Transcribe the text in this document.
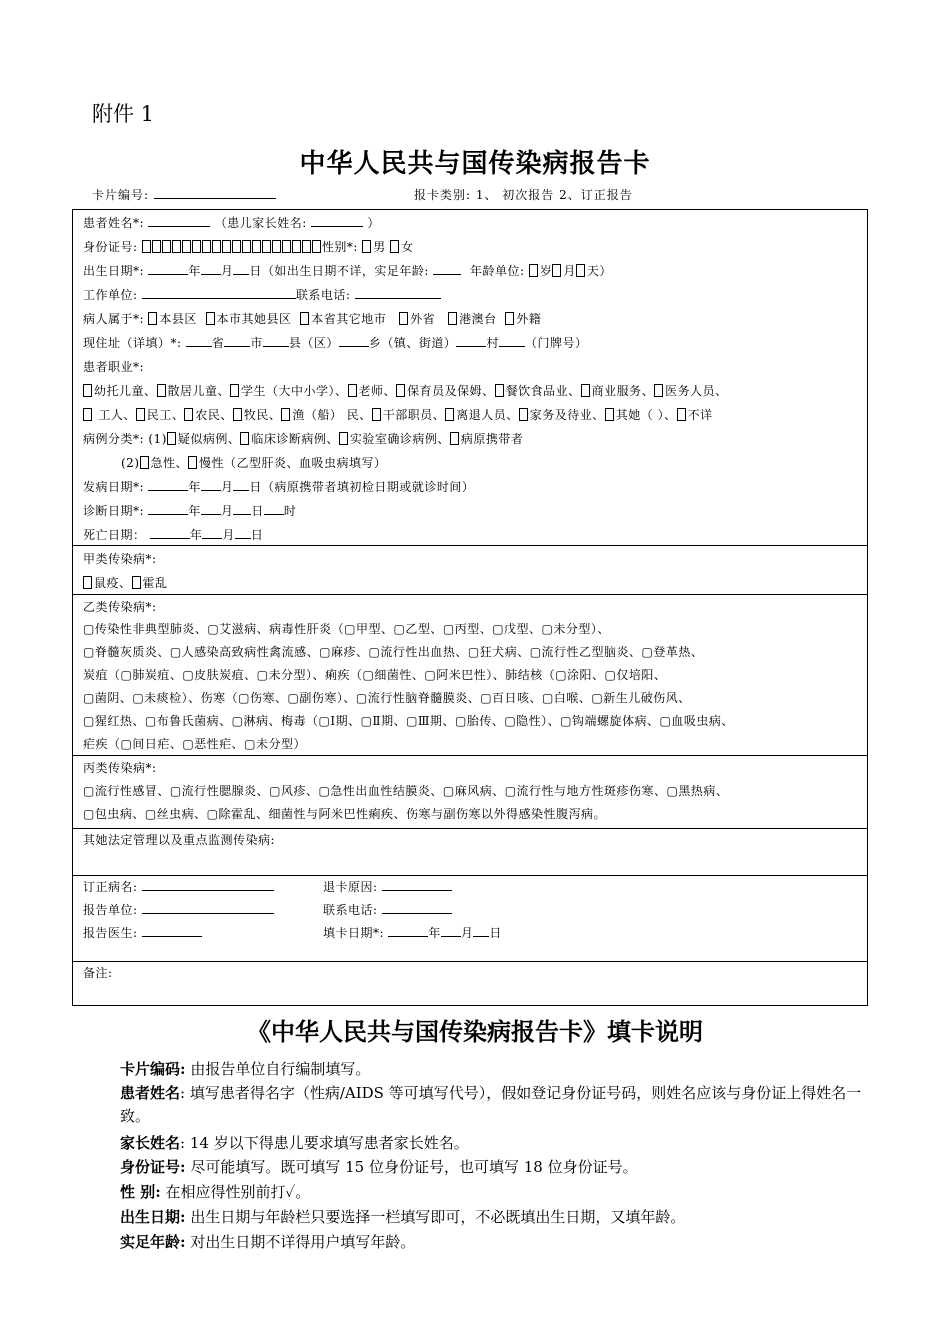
附件 1
中华人民共与国传染病报告卡
卡片编号:	报卡类别: 1、 初次报告 2、订正报告
患者姓名*:	（患儿家长姓名:	）
身份证号:	性别*: 男 女
出生日期*:	年 月 日（如出生日期不详，实足年龄:	年龄单位: 岁 月 天）
工作单位:	联系电话:
病人属于*: 本县区 本市其她县区 本省其它地市 外省 港澳台 外籍
现住址（详填）*:	省 市 县（区）	乡（镇、街道）	村 （门牌号）
患者职业*:
幼托儿童、 散居儿童、 学生（大中小学）、 老师、 保育员及保姆、 餐饮食品业、 商业服务、 医务人员、
工人、 民工、 农民、 牧民、 渔（船） 民、 干部职员、 离退人员、 家务及待业、 其她（ ）、 不详
病例分类*: (1) 疑似病例、 临床诊断病例、 实验室确诊病例、 病原携带者
(2) 急性、 慢性（乙型肝炎、血吸虫病填写）
发病日期*:	年 月 日（病原携带者填初检日期或就诊时间）
诊断日期*:	年 月 日 时
死亡日期：	年 月 日
甲类传染病*:
鼠疫、 霍乱
乙类传染病*:
▢传染性非典型肺炎、▢艾滋病、病毒性肝炎（▢甲型、▢乙型、▢丙型、▢戊型、▢未分型）、
▢脊髓灰质炎、▢人感染高致病性禽流感、▢麻疹、▢流行性出血热、▢狂犬病、▢流行性乙型脑炎、▢登革热、
炭疽（▢肺炭疽、▢皮肤炭疽、▢未分型）、痢疾（▢细菌性、▢阿米巴性）、肺结核（▢涂阳、▢仅培阳、
▢菌阴、▢未痰检）、伤寒（▢伤寒、▢副伤寒）、▢流行性脑脊髓膜炎、▢百日咳、▢白喉、▢新生儿破伤风、
▢猩红热、▢布鲁氏菌病、▢淋病、梅毒（▢Ⅰ期、▢Ⅱ期、▢Ⅲ期、▢胎传、▢隐性）、▢钩端螺旋体病、▢血吸虫病、
疟疾（▢间日疟、▢恶性疟、▢未分型）
丙类传染病*:
▢流行性感冒、▢流行性腮腺炎、▢风疹、▢急性出血性结膜炎、▢麻风病、▢流行性与地方性斑疹伤寒、▢黑热病、
▢包虫病、▢丝虫病、▢除霍乱、细菌性与阿米巴性痢疾、伤寒与副伤寒以外得感染性腹泻病。
其她法定管理以及重点监测传染病:
订正病名:	退卡原因:
报告单位:	联系电话:
报告医生:	填卡日期*:	年 月 日
备注:
《中华人民共与国传染病报告卡》填卡说明
卡片编码: 由报告单位自行编制填写。
患者姓名: 填写患者得名字（性病/AIDS 等可填写代号），假如登记身份证号码，则姓名应该与身份证上得姓名一致。
家长姓名: 14 岁以下得患儿要求填写患者家长姓名。
身份证号: 尽可能填写。既可填写 15 位身份证号，也可填写 18 位身份证号。
性 别: 在相应得性别前打✓。
出生日期: 出生日期与年龄栏只要选择一栏填写即可，不必既填出生日期，又填年龄。
实足年龄: 对出生日期不详得用户填写年龄。
